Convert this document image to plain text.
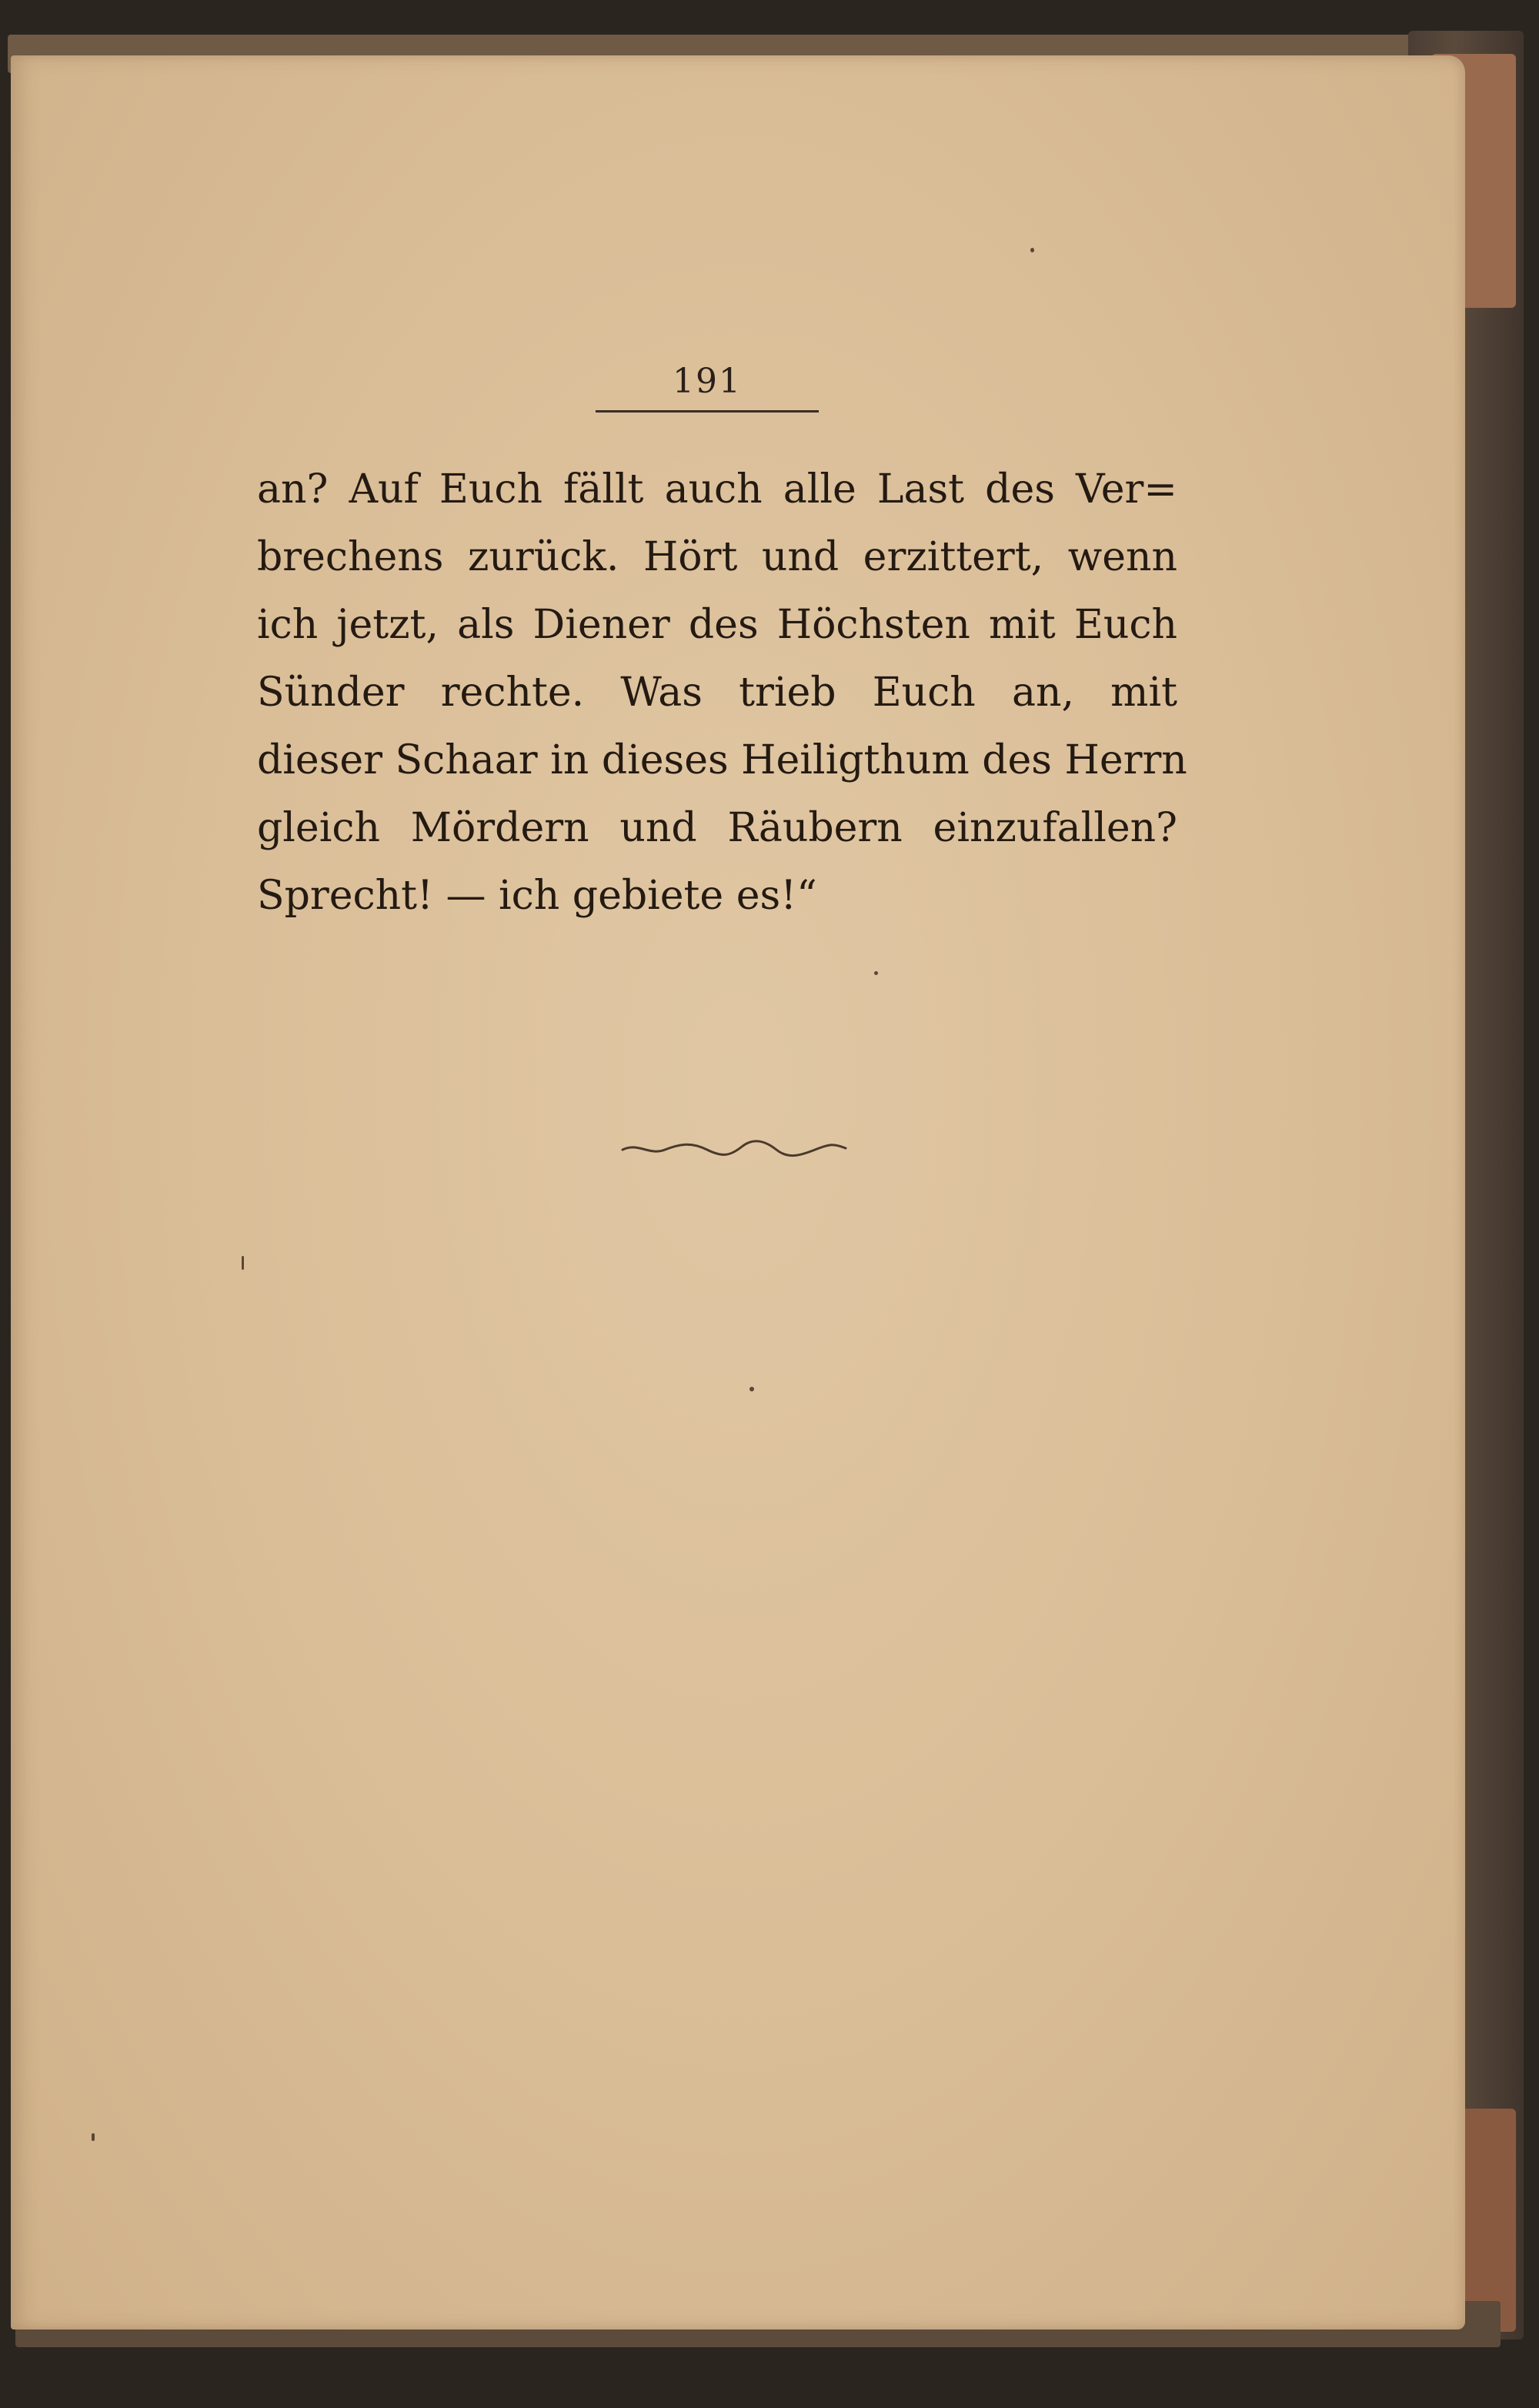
191
an? Auf Euch fällt auch alle Last des Ver=
brechens zurück. Hört und erzittert, wenn
ich jetzt, als Diener des Höchsten mit Euch
Sünder rechte. Was trieb Euch an, mit
dieser Schaar in dieses Heiligthum des Herrn
gleich Mördern und Räubern einzufallen?
Sprecht! — ich gebiete es!“
